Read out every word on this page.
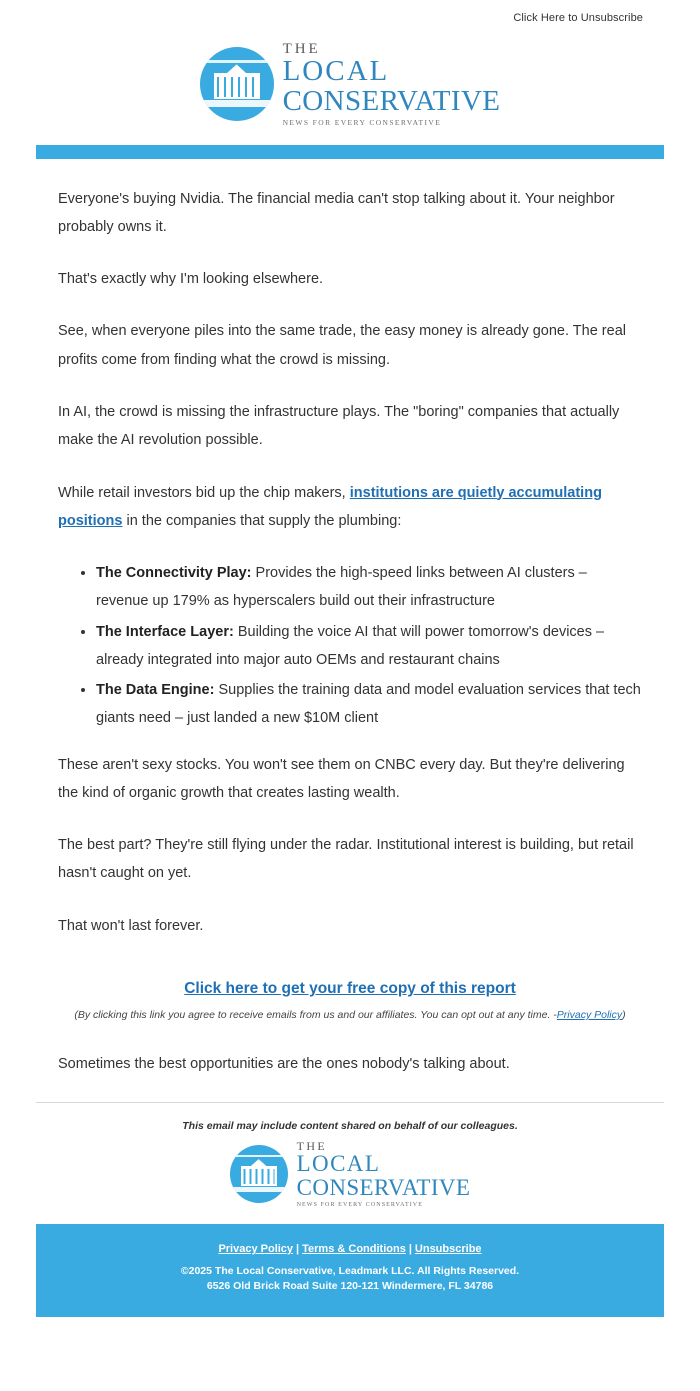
Click Here to Unsubscribe
THE
LOCAL
CONSERVATIVE
NEWS FOR EVERY CONSERVATIVE

Everyone's buying Nvidia. The financial media can't stop talking about it. Your neighbor probably owns it.

That's exactly why I'm looking elsewhere.

See, when everyone piles into the same trade, the easy money is already gone. The real profits come from finding what the crowd is missing.

In AI, the crowd is missing the infrastructure plays. The "boring" companies that actually make the AI revolution possible.

While retail investors bid up the chip makers, institutions are quietly accumulating positions in the companies that supply the plumbing:

• The Connectivity Play: Provides the high-speed links between AI clusters – revenue up 179% as hyperscalers build out their infrastructure
• The Interface Layer: Building the voice AI that will power tomorrow's devices – already integrated into major auto OEMs and restaurant chains
• The Data Engine: Supplies the training data and model evaluation services that tech giants need – just landed a new $10M client

These aren't sexy stocks. You won't see them on CNBC every day. But they're delivering the kind of organic growth that creates lasting wealth.

The best part? They're still flying under the radar. Institutional interest is building, but retail hasn't caught on yet.

That won't last forever.

Click here to get your free copy of this report
(By clicking this link you agree to receive emails from us and our affiliates. You can opt out at any time. -Privacy Policy)

Sometimes the best opportunities are the ones nobody's talking about.

This email may include content shared on behalf of our colleagues.
THE
LOCAL
CONSERVATIVE
NEWS FOR EVERY CONSERVATIVE
Privacy Policy | Terms & Conditions | Unsubscribe
©2025 The Local Conservative, Leadmark LLC. All Rights Reserved.
6526 Old Brick Road Suite 120-121 Windermere, FL 34786
